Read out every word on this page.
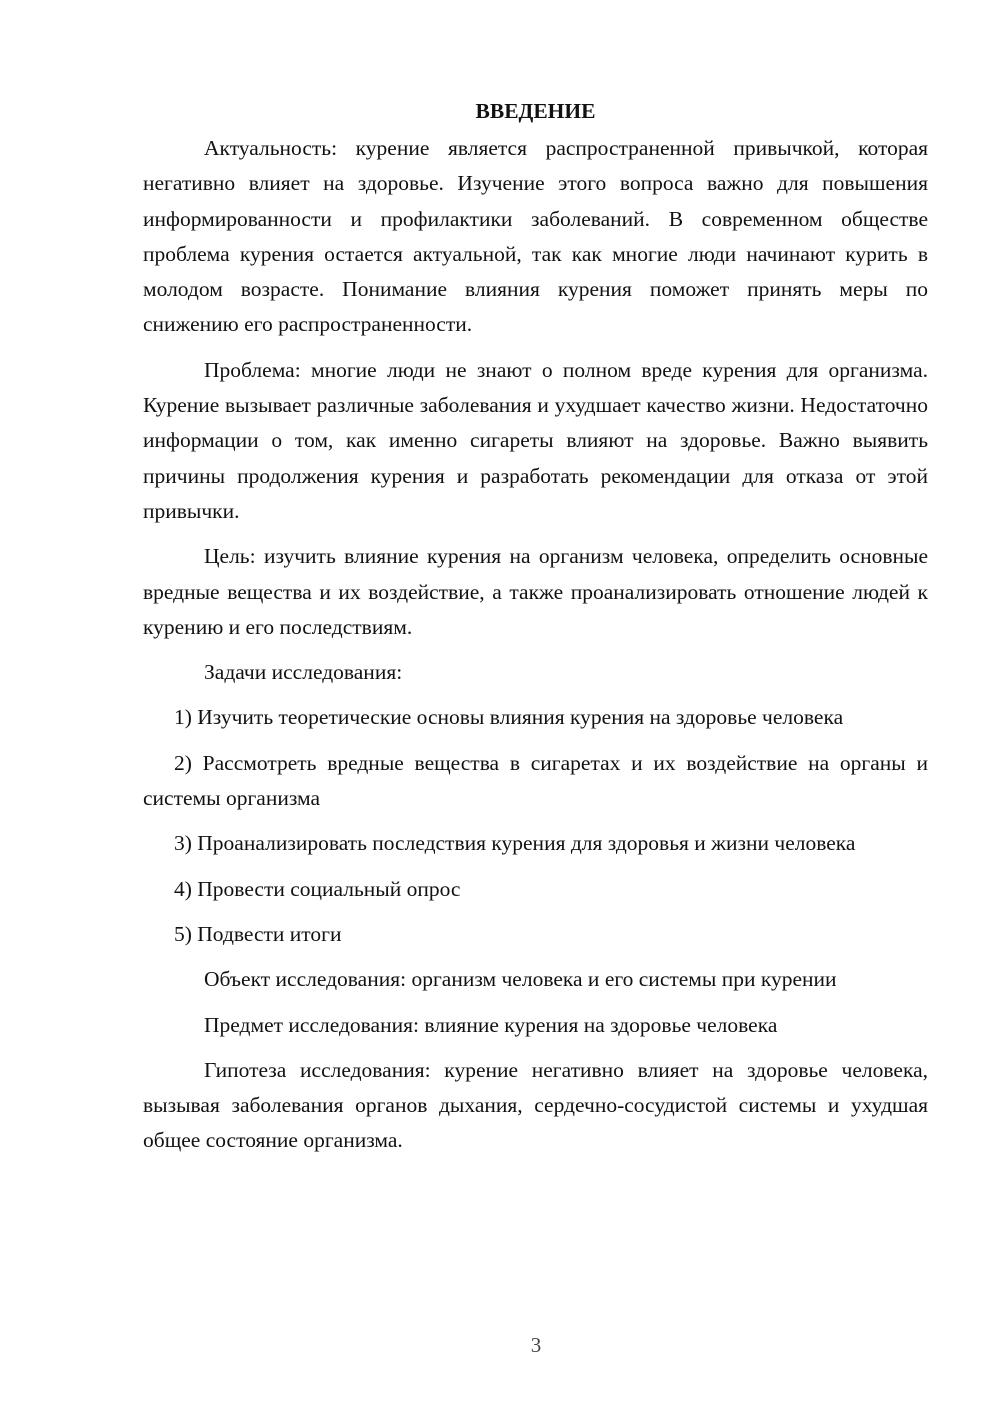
ВВЕДЕНИЕ

Актуальность: курение является распространенной привычкой, которая негативно влияет на здоровье. Изучение этого вопроса важно для повышения информированности и профилактики заболеваний. В современном обществе проблема курения остается актуальной, так как многие люди начинают курить в молодом возрасте. Понимание влияния курения поможет принять меры по снижению его распространенности.

Проблема: многие люди не знают о полном вреде курения для организма. Курение вызывает различные заболевания и ухудшает качество жизни. Недостаточно информации о том, как именно сигареты влияют на здоровье. Важно выявить причины продолжения курения и разработать рекомендации для отказа от этой привычки.

Цель: изучить влияние курения на организм человека, определить основные вредные вещества и их воздействие, а также проанализировать отношение людей к курению и его последствиям.

Задачи исследования:

1) Изучить теоретические основы влияния курения на здоровье человека

2) Рассмотреть вредные вещества в сигаретах и их воздействие на органы и системы организма

3) Проанализировать последствия курения для здоровья и жизни человека

4) Провести социальный опрос

5) Подвести итоги

Объект исследования: организм человека и его системы при курении

Предмет исследования: влияние курения на здоровье человека

Гипотеза исследования: курение негативно влияет на здоровье человека, вызывая заболевания органов дыхания, сердечно-сосудистой системы и ухудшая общее состояние организма.

3
